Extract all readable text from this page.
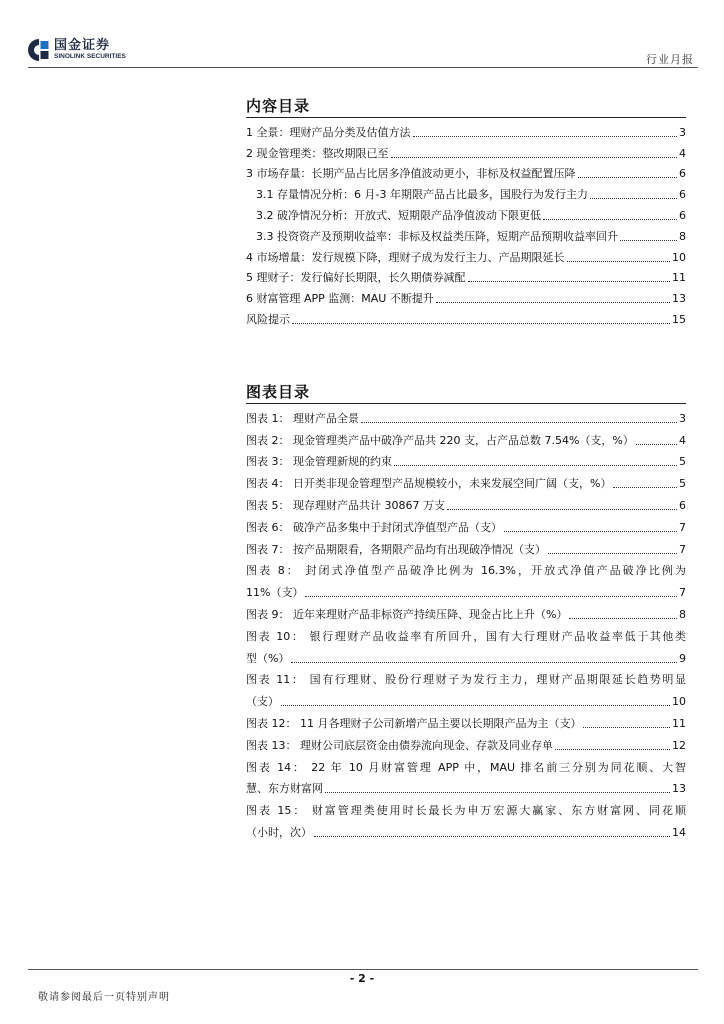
国金证券
SINOLINK SECURITIES	行业月报
内容目录
1 全景：理财产品分类及估值方法	3
2 现金管理类：整改期限已至	4
3 市场存量：长期产品占比居多净值波动更小，非标及权益配置压降	6
3.1 存量情况分析：6 月-3 年期限产品占比最多，国股行为发行主力	6
3.2 破净情况分析：开放式、短期限产品净值波动下限更低	6
3.3 投资资产及预期收益率：非标及权益类压降，短期产品预期收益率回升	8
4 市场增量：发行规模下降，理财子成为发行主力、产品期限延长	10
5 理财子：发行偏好长期限，长久期债券减配	11
6 财富管理 APP 监测：MAU 不断提升	13
风险提示	15
图表目录
图表 1： 理财产品全景	3
图表 2： 现金管理类产品中破净产品共 220 支，占产品总数 7.54%（支，%）	4
图表 3： 现金管理新规的约束	5
图表 4： 日开类非现金管理型产品规模较小，未来发展空间广阔（支，%）	5
图表 5： 现存理财产品共计 30867 万支	6
图表 6： 破净产品多集中于封闭式净值型产品（支）	7
图表 7： 按产品期限看，各期限产品均有出现破净情况（支）	7
图表 8： 封闭式净值型产品破净比例为 16.3%，开放式净值产品破净比例为
11%（支）	7
图表 9： 近年来理财产品非标资产持续压降、现金占比上升（%）	8
图表 10： 银行理财产品收益率有所回升，国有大行理财产品收益率低于其他类
型（%）	9
图表 11： 国有行理财、股份行理财子为发行主力，理财产品期限延长趋势明显
（支）	10
图表 12： 11 月各理财子公司新增产品主要以长期限产品为主（支）	11
图表 13： 理财公司底层资金由债券流向现金、存款及同业存单	12
图表 14： 22 年 10 月财富管理 APP 中，MAU 排名前三分别为同花顺、大智
慧、东方财富网	13
图表 15： 财富管理类使用时长最长为申万宏源大赢家、东方财富网、同花顺
（小时，次）	14
- 2 -
敬请参阅最后一页特别声明
